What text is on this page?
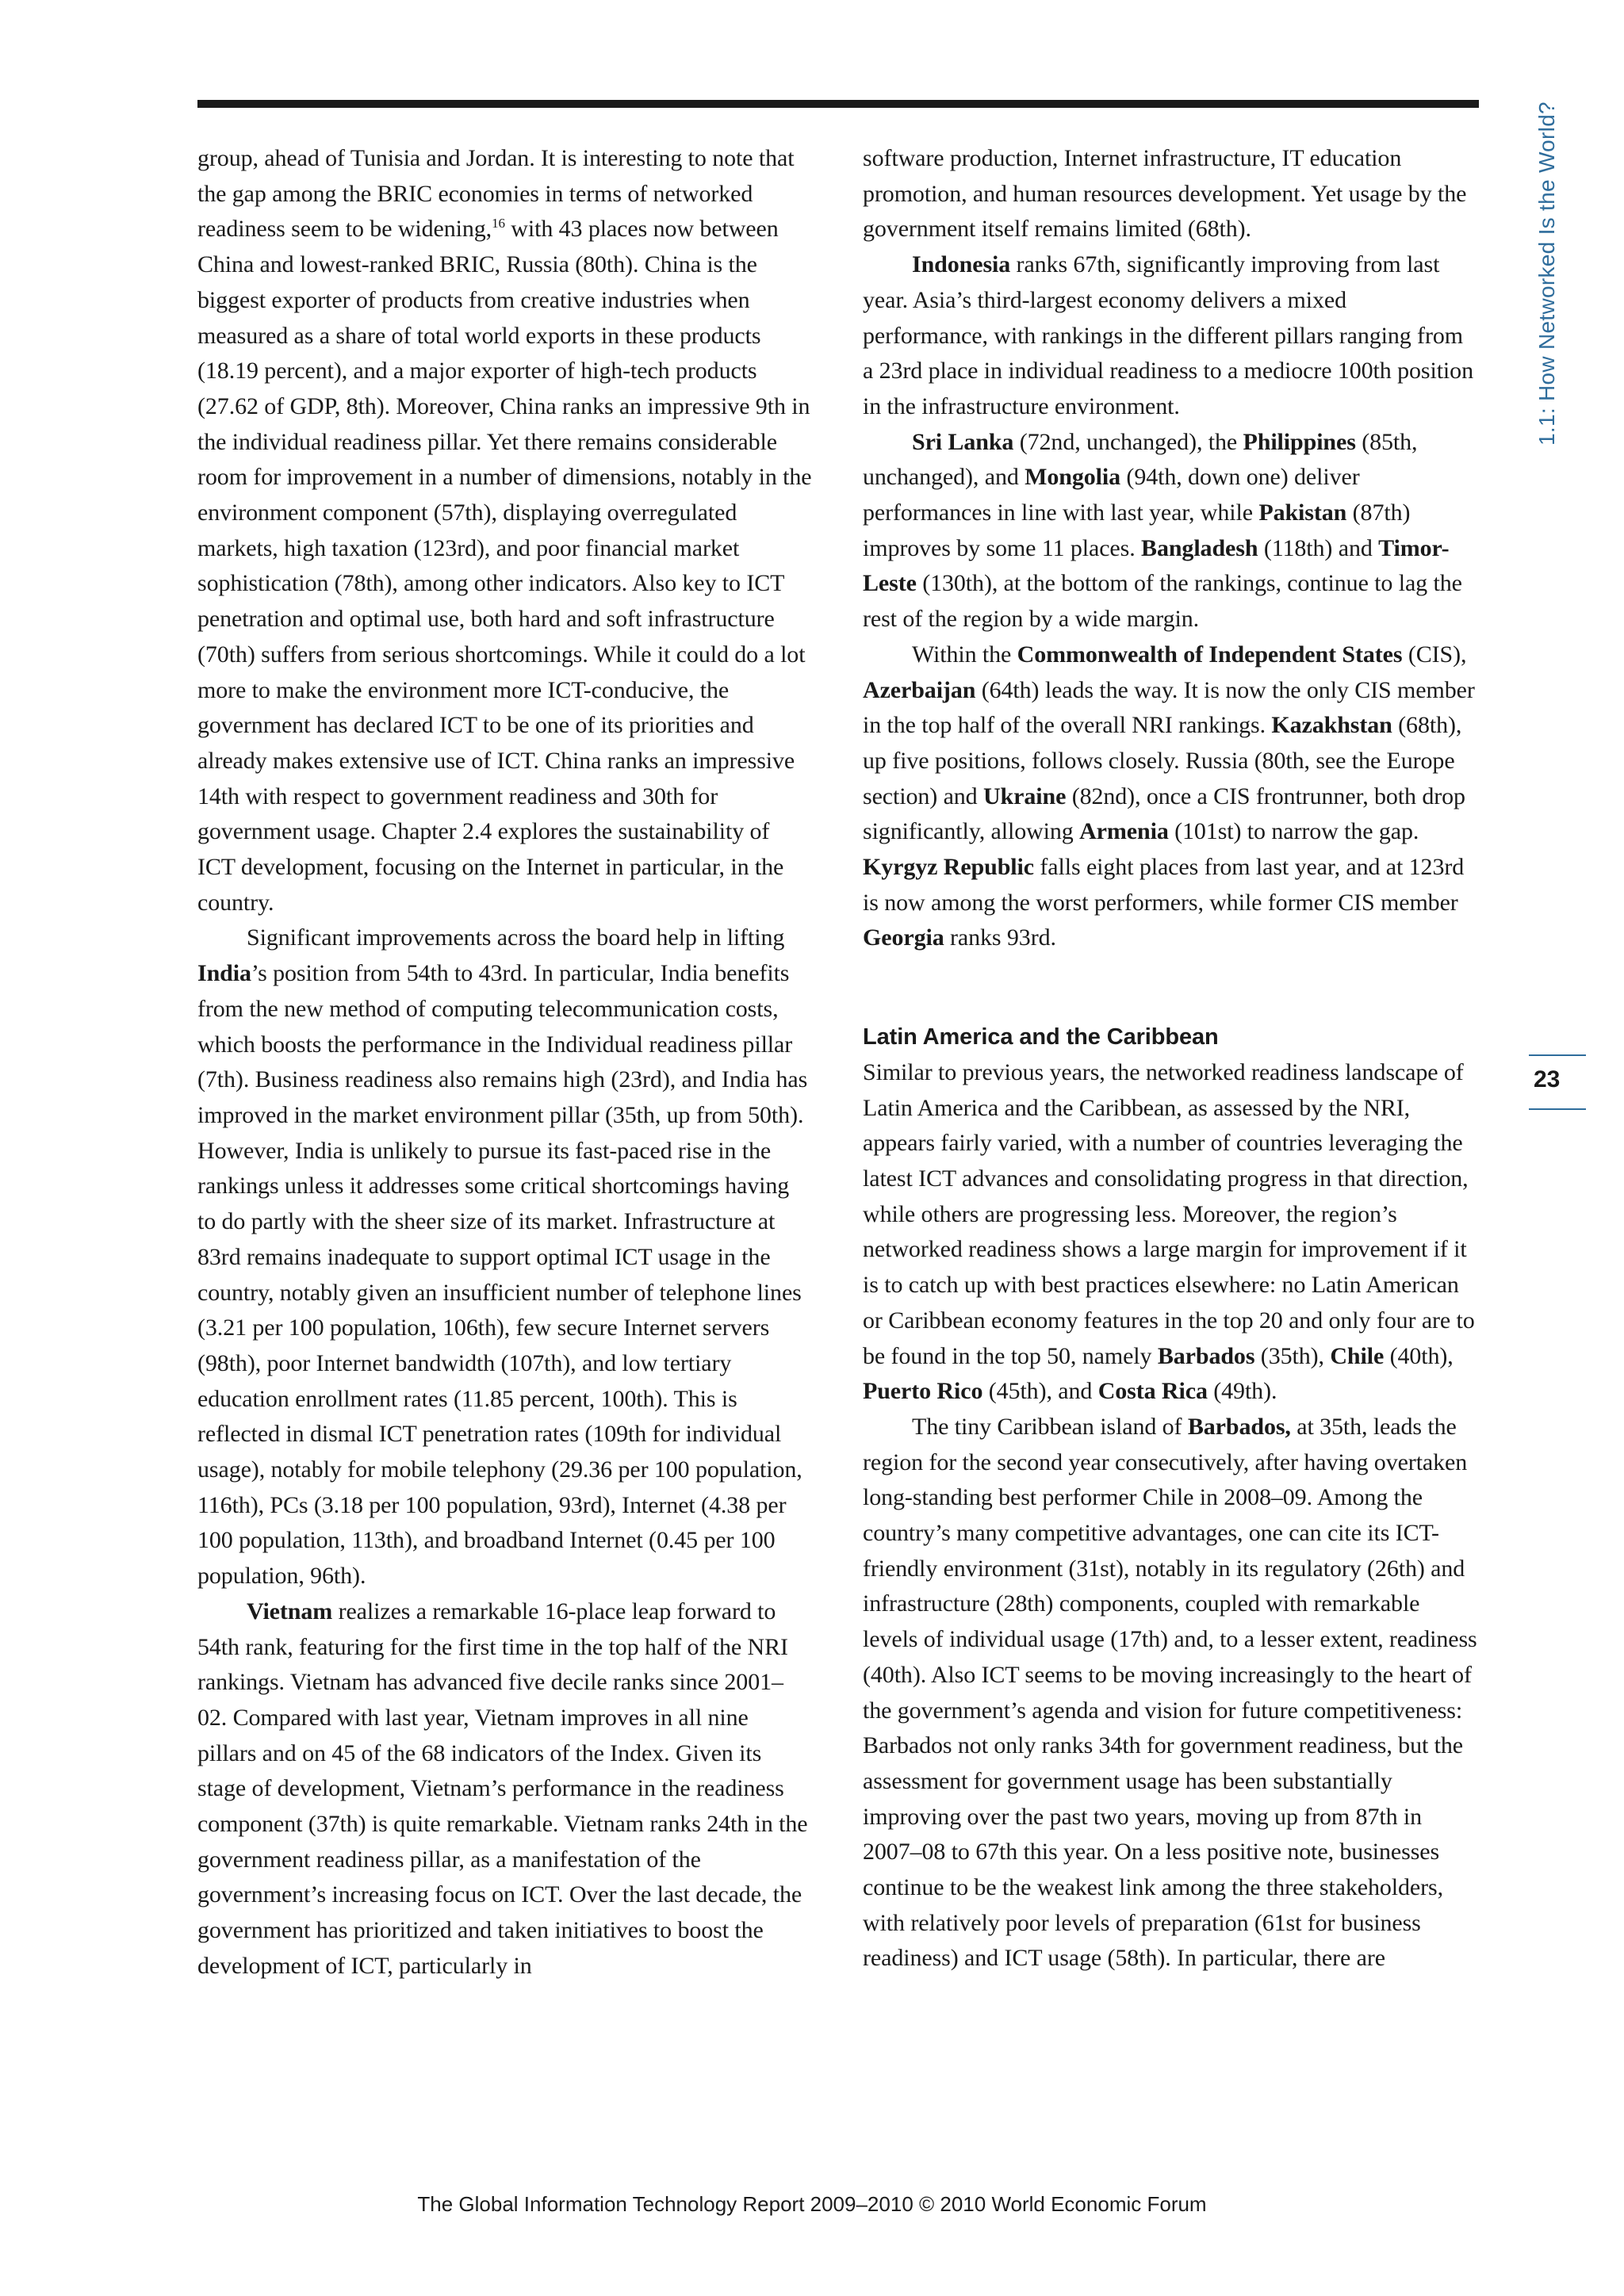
1.1: How Networked Is the World?
23

group, ahead of Tunisia and Jordan. It is interesting to note that the gap among the BRIC economies in terms of networked readiness seem to be widening,$^{16}$ with 43 places now between China and lowest-ranked BRIC, Russia (80th). China is the biggest exporter of products from creative industries when measured as a share of total world exports in these products (18.19 percent), and a major exporter of high-tech products (27.62 of GDP, 8th). Moreover, China ranks an impressive 9th in the individual readiness pillar. Yet there remains considerable room for improvement in a number of dimensions, notably in the environment component (57th), displaying overregulated markets, high taxation (123rd), and poor financial market sophistication (78th), among other indicators. Also key to ICT penetration and optimal use, both hard and soft infrastructure (70th) suffers from serious shortcomings. While it could do a lot more to make the environment more ICT-conducive, the government has declared ICT to be one of its priorities and already makes extensive use of ICT. China ranks an impressive 14th with respect to government readiness and 30th for government usage. Chapter 2.4 explores the sustainability of ICT development, focusing on the Internet in particular, in the country.

Significant improvements across the board help in lifting India’s position from 54th to 43rd. In particular, India benefits from the new method of computing telecommunication costs, which boosts the performance in the Individual readiness pillar (7th). Business readiness also remains high (23rd), and India has improved in the market environment pillar (35th, up from 50th). However, India is unlikely to pursue its fast-paced rise in the rankings unless it addresses some critical shortcomings having to do partly with the sheer size of its market. Infrastructure at 83rd remains inadequate to support optimal ICT usage in the country, notably given an insufficient number of telephone lines (3.21 per 100 population, 106th), few secure Internet servers (98th), poor Internet bandwidth (107th), and low tertiary education enrollment rates (11.85 percent, 100th). This is reflected in dismal ICT penetration rates (109th for individual usage), notably for mobile telephony (29.36 per 100 population, 116th), PCs (3.18 per 100 population, 93rd), Internet (4.38 per 100 population, 113th), and broadband Internet (0.45 per 100 population, 96th).

Vietnam realizes a remarkable 16-place leap forward to 54th rank, featuring for the first time in the top half of the NRI rankings. Vietnam has advanced five decile ranks since 2001–02. Compared with last year, Vietnam improves in all nine pillars and on 45 of the 68 indicators of the Index. Given its stage of development, Vietnam’s performance in the readiness component (37th) is quite remarkable. Vietnam ranks 24th in the government readiness pillar, as a manifestation of the government’s increasing focus on ICT. Over the last decade, the government has prioritized and taken initiatives to boost the development of ICT, particularly in

software production, Internet infrastructure, IT education promotion, and human resources development. Yet usage by the government itself remains limited (68th).

Indonesia ranks 67th, significantly improving from last year. Asia’s third-largest economy delivers a mixed performance, with rankings in the different pillars ranging from a 23rd place in individual readiness to a mediocre 100th position in the infrastructure environment.

Sri Lanka (72nd, unchanged), the Philippines (85th, unchanged), and Mongolia (94th, down one) deliver performances in line with last year, while Pakistan (87th) improves by some 11 places. Bangladesh (118th) and Timor-Leste (130th), at the bottom of the rankings, continue to lag the rest of the region by a wide margin.

Within the Commonwealth of Independent States (CIS), Azerbaijan (64th) leads the way. It is now the only CIS member in the top half of the overall NRI rankings. Kazakhstan (68th), up five positions, follows closely. Russia (80th, see the Europe section) and Ukraine (82nd), once a CIS frontrunner, both drop significantly, allowing Armenia (101st) to narrow the gap. Kyrgyz Republic falls eight places from last year, and at 123rd is now among the worst performers, while former CIS member Georgia ranks 93rd.

Latin America and the Caribbean

Similar to previous years, the networked readiness landscape of Latin America and the Caribbean, as assessed by the NRI, appears fairly varied, with a number of countries leveraging the latest ICT advances and consolidating progress in that direction, while others are progressing less. Moreover, the region’s networked readiness shows a large margin for improvement if it is to catch up with best practices elsewhere: no Latin American or Caribbean economy features in the top 20 and only four are to be found in the top 50, namely Barbados (35th), Chile (40th), Puerto Rico (45th), and Costa Rica (49th).

The tiny Caribbean island of Barbados, at 35th, leads the region for the second year consecutively, after having overtaken long-standing best performer Chile in 2008–09. Among the country’s many competitive advantages, one can cite its ICT-friendly environment (31st), notably in its regulatory (26th) and infrastructure (28th) components, coupled with remarkable levels of individual usage (17th) and, to a lesser extent, readiness (40th). Also ICT seems to be moving increasingly to the heart of the government’s agenda and vision for future competitiveness: Barbados not only ranks 34th for government readiness, but the assessment for government usage has been substantially improving over the past two years, moving up from 87th in 2007–08 to 67th this year. On a less positive note, businesses continue to be the weakest link among the three stakeholders, with relatively poor levels of preparation (61st for business readiness) and ICT usage (58th). In particular, there are

The Global Information Technology Report 2009–2010 © 2010 World Economic Forum
